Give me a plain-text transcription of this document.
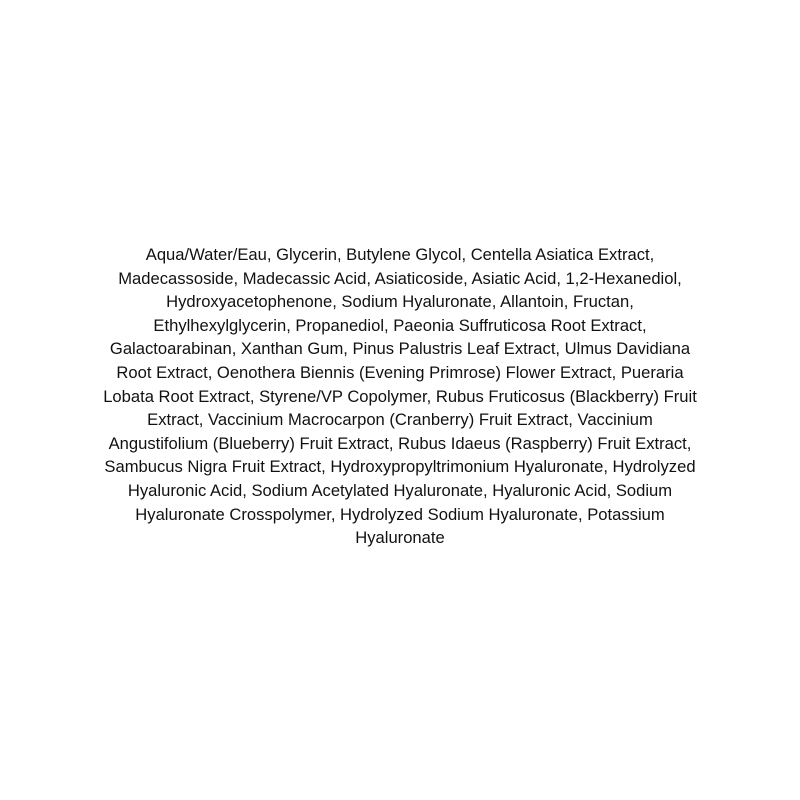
Aqua/Water/Eau, Glycerin, Butylene Glycol, Centella Asiatica Extract,
Madecassoside, Madecassic Acid, Asiaticoside, Asiatic Acid, 1,2-Hexanediol,
Hydroxyacetophenone, Sodium Hyaluronate, Allantoin, Fructan,
Ethylhexylglycerin, Propanediol, Paeonia Suffruticosa Root Extract,
Galactoarabinan, Xanthan Gum, Pinus Palustris Leaf Extract, Ulmus Davidiana
Root Extract, Oenothera Biennis (Evening Primrose) Flower Extract, Pueraria
Lobata Root Extract, Styrene/VP Copolymer, Rubus Fruticosus (Blackberry) Fruit
Extract, Vaccinium Macrocarpon (Cranberry) Fruit Extract, Vaccinium
Angustifolium (Blueberry) Fruit Extract, Rubus Idaeus (Raspberry) Fruit Extract,
Sambucus Nigra Fruit Extract, Hydroxypropyltrimonium Hyaluronate, Hydrolyzed
Hyaluronic Acid, Sodium Acetylated Hyaluronate, Hyaluronic Acid, Sodium
Hyaluronate Crosspolymer, Hydrolyzed Sodium Hyaluronate, Potassium
Hyaluronate
